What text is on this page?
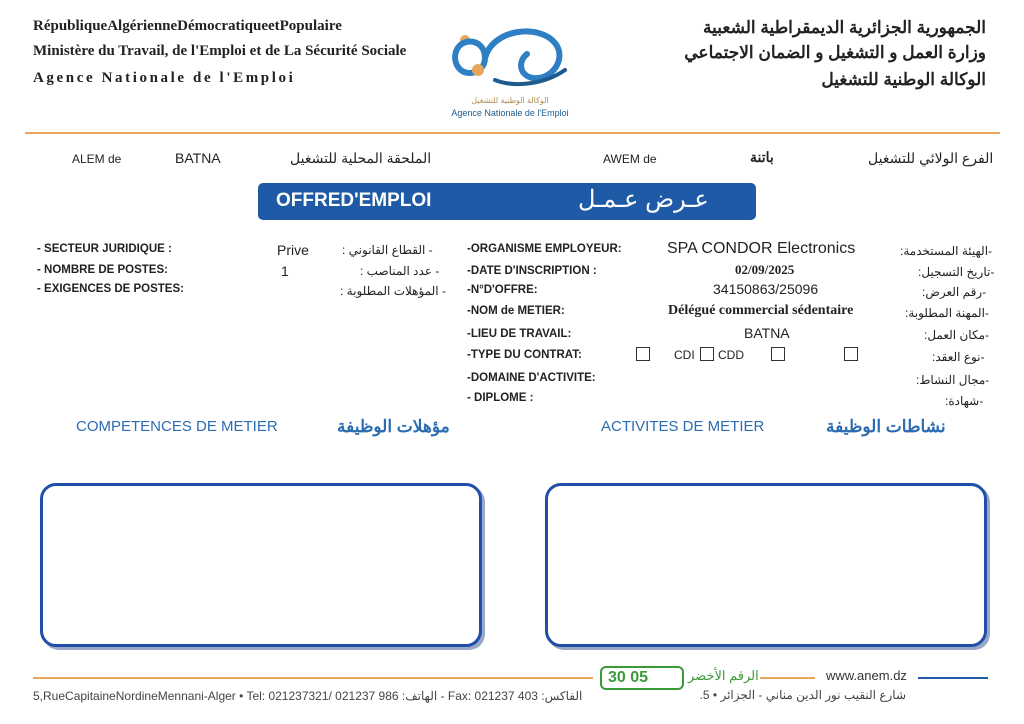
RépubliqueAlgérienneDémocratiqueetPopulaire
Ministère du Travail, de l'Emploi et de La Sécurité Sociale
Agence Nationale de l'Emploi
الجمهورية الجزائرية الديمقراطية الشعبية
وزارة العمل و التشغيل و الضمان الاجتماعي
الوكالة الوطنية للتشغيل
الوكالة الوطنية للتشغيل
Agence Nationale de l'Emploi
ALEM de	BATNA	الملحقة المحلية للتشغيل	AWEM de	باتنة	الفرع الولائي للتشغيل
OFFRED'EMPLOI	عـرض عـمـل
- SECTEUR JURIDIQUE :	Prive	- القطاع القانوني :
- NOMBRE DE POSTES:	1	- عدد المناصب :
- EXIGENCES DE POSTES:	- المؤهلات المطلوبة :
-ORGANISME EMPLOYEUR:	SPA CONDOR Electronics	-الهيئة المستخدمة:
-DATE D'INSCRIPTION :	02/09/2025	-تاريخ التسجيل:
-N°D'OFFRE:	34150863/25096	-رقم العرض:
-NOM de METIER:	Délégué commercial sédentaire	-المهنة المطلوبة:
-LIEU DE TRAVAIL:	BATNA	-مكان العمل:
-TYPE DU CONTRAT:	CDI CDD	-نوع العقد:
-DOMAINE D'ACTIVITE:	-مجال النشاط:
- DIPLOME :	-شهادة:
COMPETENCES DE METIER	مؤهلات الوظيفة	ACTIVITES DE METIER	نشاطات الوظيفة
30 05	الرقم الأخضر	www.anem.dz
5,RueCapitaineNordineMennani-Alger • Tel: 021237321/ 021237 986 :الهاتف - Fax: 021237 403 :الفاكس	شارع النقيب نور الدين مناني - الجزائر • 5.
